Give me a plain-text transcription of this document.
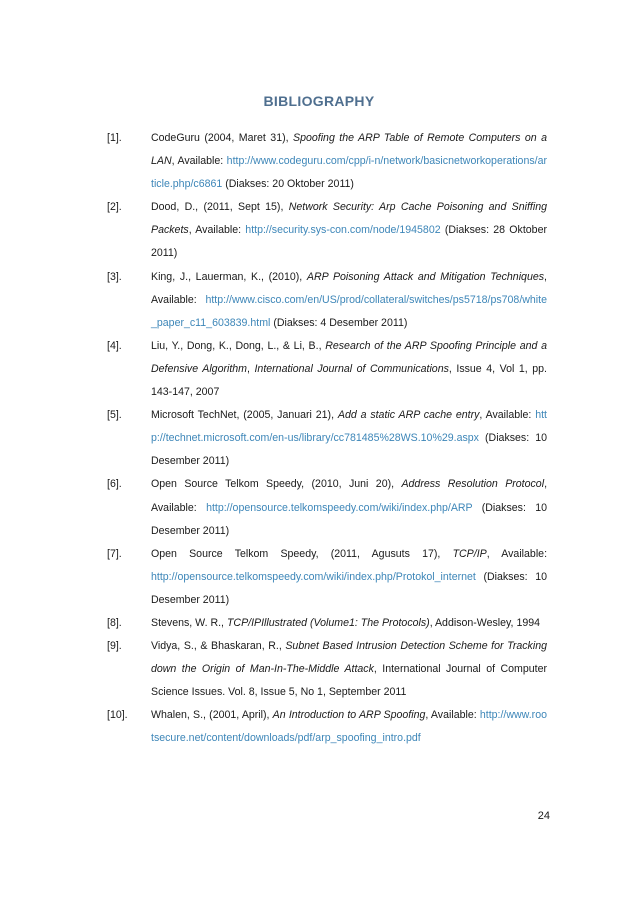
BIBLIOGRAPHY
[1].	CodeGuru (2004, Maret 31), Spoofing the ARP Table of Remote Computers on a LAN, Available: http://www.codeguru.com/cpp/i-n/network/basicnetworkoperations/article.php/c6861 (Diakses: 20 Oktober 2011)
[2].	Dood, D., (2011, Sept 15), Network Security: Arp Cache Poisoning and Sniffing Packets, Available: http://security.sys-con.com/node/1945802 (Diakses: 28 Oktober 2011)
[3].	King, J., Lauerman, K., (2010), ARP Poisoning Attack and Mitigation Techniques, Available: http://www.cisco.com/en/US/prod/collateral/switches/ps5718/ps708/white_paper_c11_603839.html (Diakses: 4 Desember 2011)
[4].	Liu, Y., Dong, K., Dong, L., & Li, B., Research of the ARP Spoofing Principle and a Defensive Algorithm, International Journal of Communications, Issue 4, Vol 1, pp. 143-147, 2007
[5].	Microsoft TechNet, (2005, Januari 21), Add a static ARP cache entry, Available: http://technet.microsoft.com/en-us/library/cc781485%28WS.10%29.aspx (Diakses: 10 Desember 2011)
[6].	Open Source Telkom Speedy, (2010, Juni 20), Address Resolution Protocol, Available: http://opensource.telkomspeedy.com/wiki/index.php/ARP (Diakses: 10 Desember 2011)
[7].	Open Source Telkom Speedy, (2011, Agusuts 17), TCP/IP, Available: http://opensource.telkomspeedy.com/wiki/index.php/Protokol_internet (Diakses: 10 Desember 2011)
[8].	Stevens, W. R., TCP/IPIllustrated (Volume1: The Protocols), Addison-Wesley, 1994
[9].	Vidya, S., & Bhaskaran, R., Subnet Based Intrusion Detection Scheme for Tracking down the Origin of Man-In-The-Middle Attack, International Journal of Computer Science Issues. Vol. 8, Issue 5, No 1, September 2011
[10].	Whalen, S., (2001, April), An Introduction to ARP Spoofing, Available: http://www.rootsecure.net/content/downloads/pdf/arp_spoofing_intro.pdf
24
